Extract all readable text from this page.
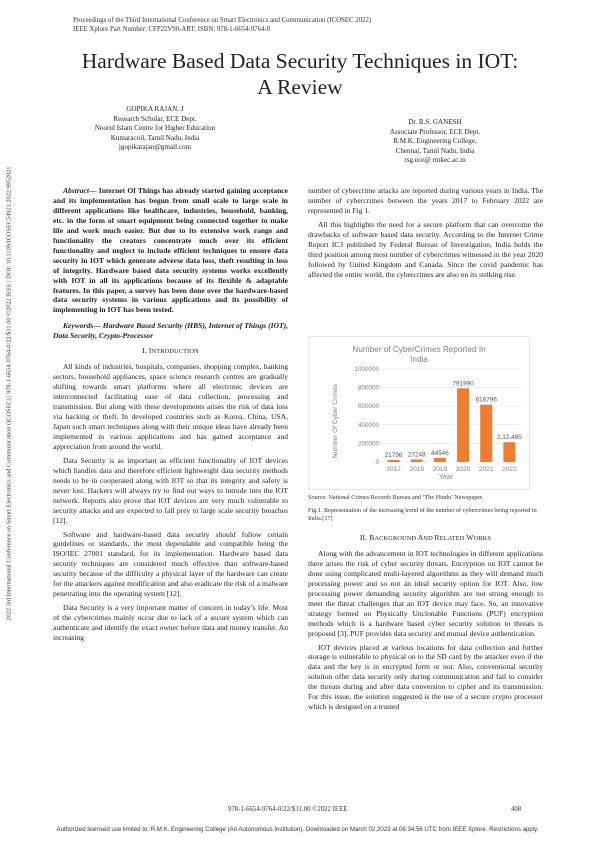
Proceedings of the Third International Conference on Smart Electronics and Communication (ICOSEC 2022)
IEEE Xplore Part Number: CFP22V90-ART; ISBN: 978-1-6654-9764-0
Hardware Based Data Security Techniques in IOT:
A Review
GOPIKA RAJAN. J
Research Scholar, ECE Dept.
Noorul Islam Centre for Higher Education
Kumaracoil, Tamil Nadu, India
jgopikarajan@gmail.com
Dr. R.S. GANESH
Associate Professor, ECE Dept.
R.M.K. Engineering College,
Chennai, Tamil Nadu, India
rsg.ece@ rmkec.ac.in
2022 3rd International Conference on Smart Electronics and Communication (ICOSEC) | 978-1-6654-9764-0/22/$31.00 ©2022 IEEE | DOI: 10.1109/ICOSEC54921.2022.9952021	Abstract— Internet Of Things has already started gaining acceptance and its implementation has begun from small scale to large scale in different applications like healthcare, industries, household, banking, etc. in the form of smart equipment being connected together to make life and work much easier. But due to its extensive work range and functionality the creators concentrate much over its efficient functionality and neglect to include efficient techniques to ensure data security in IOT which generate adverse data loss, theft resulting in loss of integrity. Hardware based data security systems works excellently with IOT in all its applications because of its flexible & adaptable features. In this paper, a survey has been done over the hardware-based data security systems in various applications and its possibility of implementing in IOT has been tested.

Keywords— Hardware Based Security (HBS), Internet of Things (IOT), Data Security, Crypto-Processor

I. INTRODUCTION

All kinds of industries, hospitals, companies, shopping complex, banking sectors, household appliances, space science research centres are gradually shifting towards smart platforms where all electronic devices are interconnected facilitating ease of data collection, processing and transmission. But along with these developments arises the risk of data loss via hacking or theft. In developed countries such as Korea, China, USA, Japan such smart techniques along with their unique ideas have already been implemented in various applications and has gained acceptance and appreciation from around the world.

Data Security is as important as efficient functionality of IOT devices which handles data and therefore efficient lightweight data security methods needs to be in cooperated along with IOT so that its integrity and safety is never lost. Hackers will always try to find out ways to intrude into the IOT network. Reports also prove that IOT devices are very much vulnerable to security attacks and are expected to fall prey to large scale security breaches [12].

Software and hardware-based data security should follow certain guidelines or standards, the most dependable and compatible being the ISO/IEC 27001 standard, for its implementation. Hardware based data security techniques are considered much effective than software-based security because of the difficulty a physical layer of the hardware can create for the attackers against modification and also eradicate the risk of a malware penetrating into the operating system [12].

Data Security is a very important matter of concern in today’s life. Most of the cybercrimes mainly occur due to lack of a secure system which can authenticate and identify the exact owner before data and money transfer. An increasing

number of cybercrime attacks are reported during various years in India. The number of cybercrimes between the years 2017 to February 2022 are represented in Fig 1.

All this highlights the need for a secure platform that can overcome the drawbacks of software based data security. According to the Internet Crime Report IC3 published by Federal Bureau of Investigation, India holds the third position among most number of cybercrimes witnessed in the year 2020 followed by United Kingdom and Canada. Since the covid pandemic has affected the entire world, the cybercrimes are also on its striking rise.

Number of CyberCrimes Reported In
India
Number Of Cyber Crimes
Year
0
200000
400000
600000
800000
1000000
21796 27248 44546
791990
616796
2,12,485
2017 2018 2019 2020 2021 2022
Source: National Crimes Records Bureau and ‘The Hindu’ Newspaper.
Fig.1. Representation of the increasing trend of the number of cybercrimes being reported in India.[17]
II. BACKGROUND AND RELATED WORKS

Along with the advancement in IOT technologies in different applications there arises the risk of cyber security threats. Encryption on IOT cannot be done using complicated multi-layered algorithms as they will demand much processing power and so not an ideal security option for IOT. Also, low processing power demanding security algorithm are not strong enough to meet the threat challenges that an IOT device may face. So, an innovative strategy formed on Physically Unclonable Functions (PUF) encryption methods which is a hardware based cyber security solution to threats is proposed [3]. PUF provides data security and mutual device authentication.

IOT devices placed at various locations for data collection and further storage is vulnerable to physical on to the SD card by the attacker even if the data and the key is in encrypted form or not. Also, conventional security solution offer data security only during communication and fail to consider the threats during and after data conversion to cipher and its transmission. For this issue, the solution suggested is the use of a secure crypto processor which is designed on a trusted

978-1-6654-9764-0/22/$31.00 ©2022 IEEE	408
Authorized licensed use limited to: R.M.K. Engineering College (An Autonomous Institution). Downloaded on March 02,2023 at 06:34:56 UTC from IEEE Xplore. Restrictions apply.
